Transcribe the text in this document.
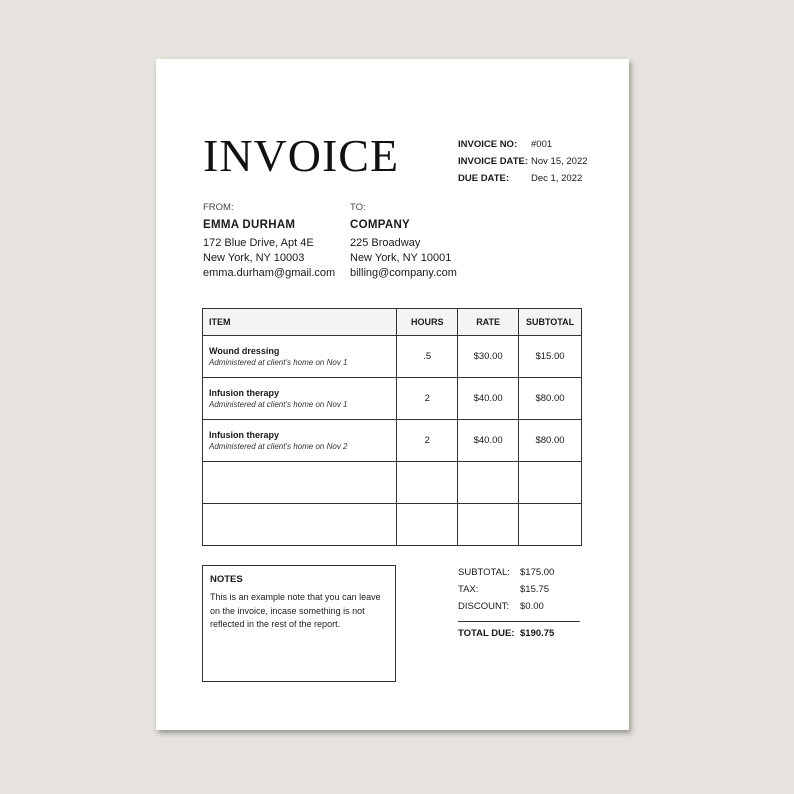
INVOICE	INVOICE NO:	#001
INVOICE DATE: Nov 15, 2022
DUE DATE:	Dec 1, 2022
FROM:
EMMA DURHAM
172 Blue Drive, Apt 4E
New York, NY 10003
emma.durham@gmail.com
TO:
COMPANY
225 Broadway
New York, NY 10001
billing@company.com
ITEM	HOURS	RATE	SUBTOTAL

Wound dressing
Administered at client's home on Nov 1	.5	$30.00	$15.00

Infusion therapy
Administered at client's home on Nov 1	2	$40.00	$80.00

Infusion therapy
Administered at client's home on Nov 2	2	$40.00	$80.00

NOTES
This is an example note that you can leave on the invoice, incase something is not reflected in the rest of the report.
SUBTOTAL:	$175.00
TAX:	$15.75
DISCOUNT:	$0.00
TOTAL DUE: $190.75
